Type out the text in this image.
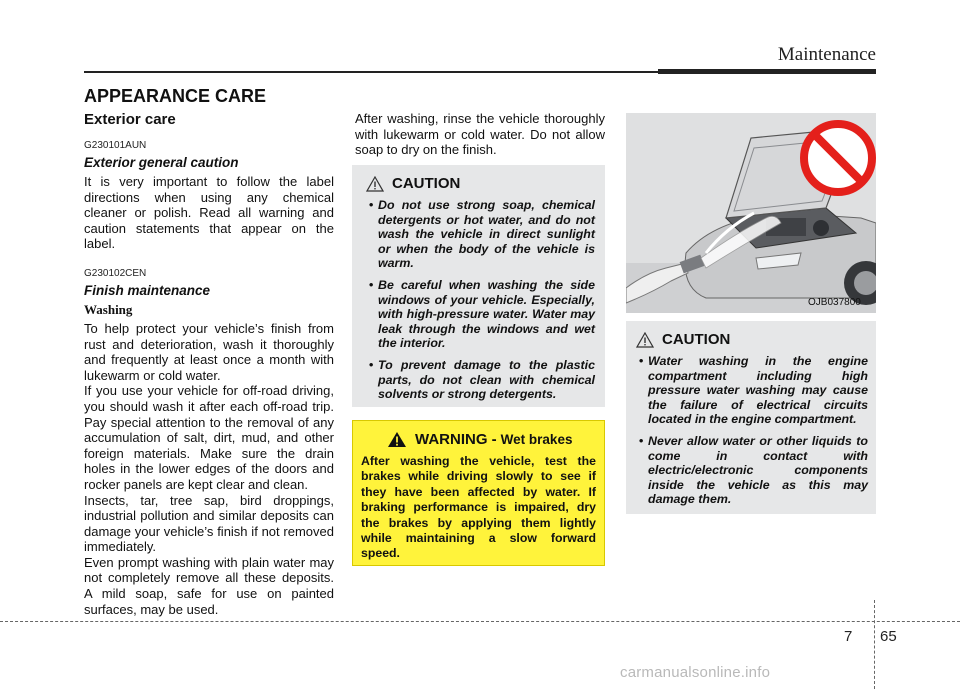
Maintenance
APPEARANCE CARE

Exterior care

G230101AUN

Exterior general caution

It is very important to follow the label directions when using any chemical cleaner or polish. Read all warning and caution statements that appear on the label.

G230102CEN

Finish maintenance

Washing

To help protect your vehicle’s finish from rust and deterioration, wash it thoroughly and frequently at least once a month with lukewarm or cold water.

If you use your vehicle for off-road driving, you should wash it after each off-road trip. Pay special attention to the removal of any accumulation of salt, dirt, mud, and other foreign materials. Make sure the drain holes in the lower edges of the doors and rocker panels are kept clear and clean.

Insects, tar, tree sap, bird droppings, industrial pollution and similar deposits can damage your vehicle’s finish if not removed immediately.

Even prompt washing with plain water may not completely remove all these deposits. A mild soap, safe for use on painted surfaces, may be used.

After washing, rinse the vehicle thoroughly with lukewarm or cold water. Do not allow soap to dry on the finish.

CAUTION

• Do not use strong soap, chemical detergents or hot water, and do not wash the vehicle in direct sunlight or when the body of the vehicle is warm.
• Be careful when washing the side windows of your vehicle. Especially, with high-pressure water. Water may leak through the windows and wet the interior.
• To prevent damage to the plastic parts, do not clean with chemical solvents or strong detergents.

WARNING - Wet brakes

After washing the vehicle, test the brakes while driving slowly to see if they have been affected by water. If braking performance is impaired, dry the brakes by applying them lightly while maintaining a slow forward speed.

OJB037800

CAUTION

• Water washing in the engine compartment including high pressure water washing may cause the failure of electrical circuits located in the engine compartment.
• Never allow water or other liquids to come in contact with electric/electronic components inside the vehicle as this may damage them.
7 65
carmanualsonline.info
